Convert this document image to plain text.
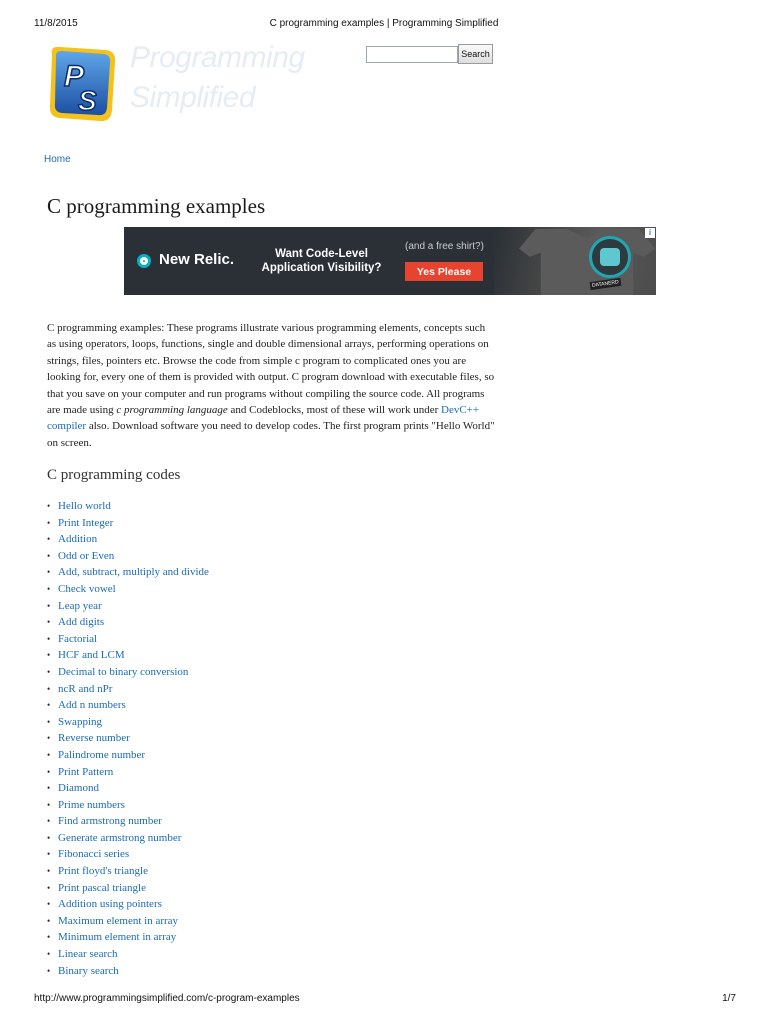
11/8/2015	C programming examples | Programming Simplified
P
S
Programming Simplified
Search
Home
C programming examples
New Relic.	Want Code-Level Application Visibility?
(and a free shirt?)
Yes Please
DATANERD
i

C programming examples: These programs illustrate various programming elements, concepts such as using operators, loops, functions, single and double dimensional arrays, performing operations on strings, files, pointers etc. Browse the code from simple c program to complicated ones you are looking for, every one of them is provided with output. C program download with executable files, so that you save on your computer and run programs without compiling the source code. All programs are made using c programming language and Codeblocks, most of these will work under DevC++ compiler also. Download software you need to develop codes. The first program prints "Hello World" on screen.

C programming codes
• Hello world
• Print Integer
• Addition
• Odd or Even
• Add, subtract, multiply and divide
• Check vowel
• Leap year
• Add digits
• Factorial
• HCF and LCM
• Decimal to binary conversion
• ncR and nPr
• Add n numbers
• Swapping
• Reverse number
• Palindrome number
• Print Pattern
• Diamond
• Prime numbers
• Find armstrong number
• Generate armstrong number
• Fibonacci series
• Print floyd's triangle
• Print pascal triangle
• Addition using pointers
• Maximum element in array
• Minimum element in array
• Linear search
• Binary search
http://www.programmingsimplified.com/c-program-examples	1/7
